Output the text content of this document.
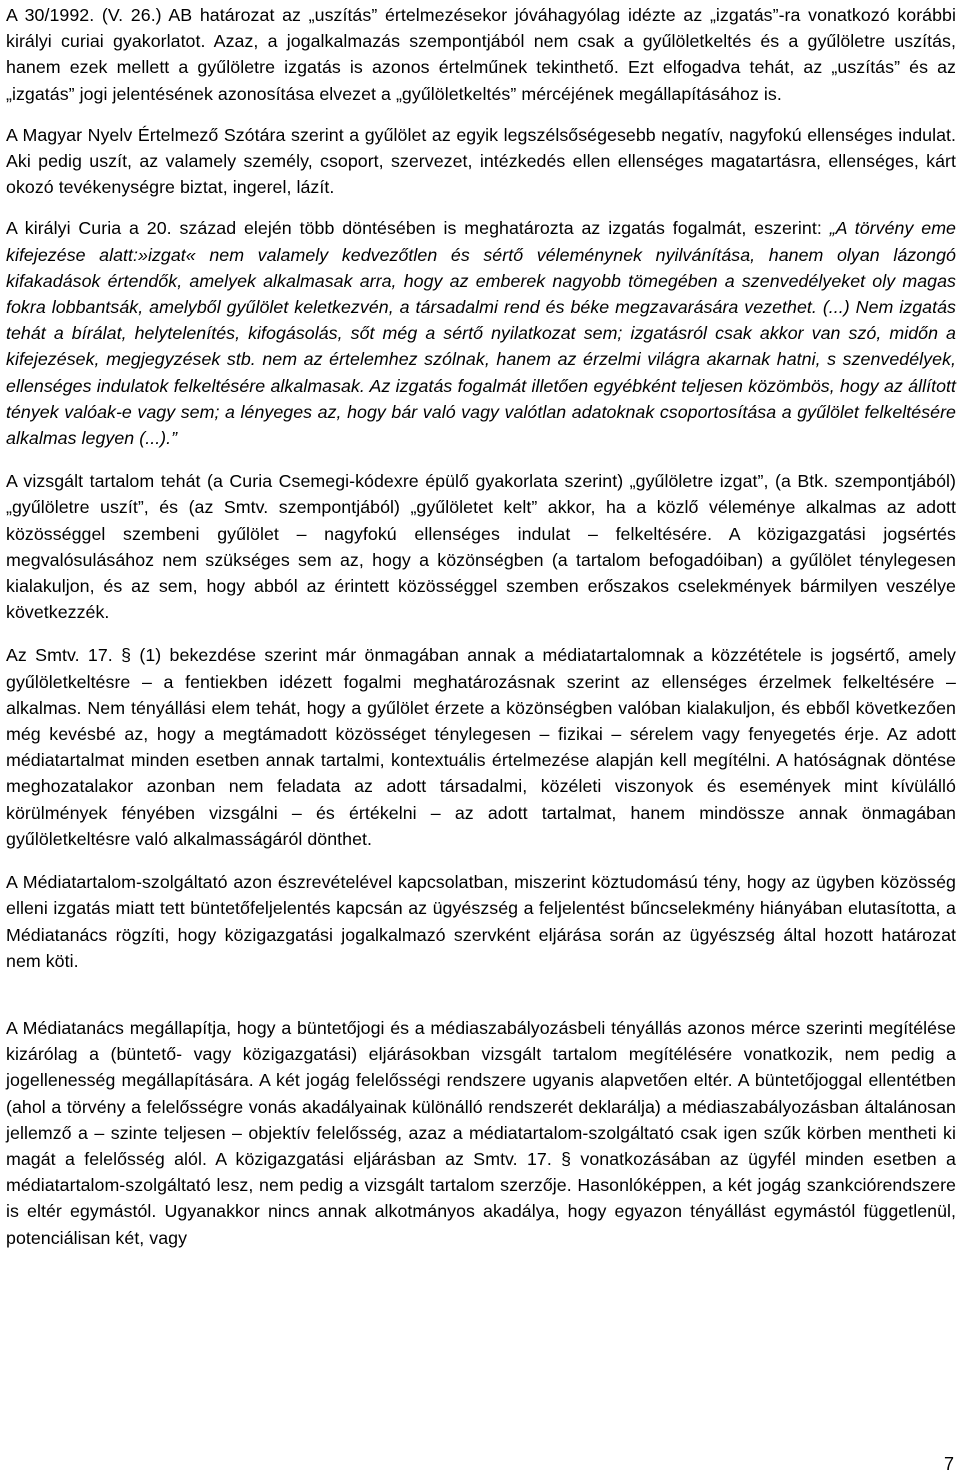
A 30/1992. (V. 26.) AB határozat az „uszítás” értelmezésekor jóváhagyólag idézte az „izgatás”-ra vonatkozó korábbi királyi curiai gyakorlatot. Azaz, a jogalkalmazás szempontjából nem csak a gyűlöletkeltés és a gyűlöletre uszítás, hanem ezek mellett a gyűlöletre izgatás is azonos értelműnek tekinthető. Ezt elfogadva tehát, az „uszítás” és az „izgatás” jogi jelentésének azonosítása elvezet a „gyűlöletkeltés” mércéjének megállapításához is.

A Magyar Nyelv Értelmező Szótára szerint a gyűlölet az egyik legszélsőségesebb negatív, nagyfokú ellenséges indulat. Aki pedig uszít, az valamely személy, csoport, szervezet, intézkedés ellen ellenséges magatartásra, ellenséges, kárt okozó tevékenységre biztat, ingerel, lázít.

A királyi Curia a 20. század elején több döntésében is meghatározta az izgatás fogalmát, eszerint: „A törvény eme kifejezése alatt:»izgat« nem valamely kedvezőtlen és sértő véleménynek nyilvánítása, hanem olyan lázongó kifakadások értendők, amelyek alkalmasak arra, hogy az emberek nagyobb tömegében a szenvedélyeket oly magas fokra lobbantsák, amelyből gyűlölet keletkezvén, a társadalmi rend és béke megzavarására vezethet. (...) Nem izgatás tehát a bírálat, helytelenítés, kifogásolás, sőt még a sértő nyilatkozat sem; izgatásról csak akkor van szó, midőn a kifejezések, megjegyzések stb. nem az értelemhez szólnak, hanem az érzelmi világra akarnak hatni, s szenvedélyek, ellenséges indulatok felkeltésére alkalmasak. Az izgatás fogalmát illetően egyébként teljesen közömbös, hogy az állított tények valóak-e vagy sem; a lényeges az, hogy bár való vagy valótlan adatoknak csoportosítása a gyűlölet felkeltésére alkalmas legyen (...).”

A vizsgált tartalom tehát (a Curia Csemegi-kódexre épülő gyakorlata szerint) „gyűlöletre izgat”, (a Btk. szempontjából) „gyűlöletre uszít”, és (az Smtv. szempontjából) „gyűlöletet kelt” akkor, ha a közlő véleménye alkalmas az adott közösséggel szembeni gyűlölet – nagyfokú ellenséges indulat – felkeltésére. A közigazgatási jogsértés megvalósulásához nem szükséges sem az, hogy a közönségben (a tartalom befogadóiban) a gyűlölet ténylegesen kialakuljon, és az sem, hogy abból az érintett közösséggel szemben erőszakos cselekmények bármilyen veszélye következzék.

Az Smtv. 17. § (1) bekezdése szerint már önmagában annak a médiatartalomnak a közzététele is jogsértő, amely gyűlöletkeltésre – a fentiekben idézett fogalmi meghatározásnak szerint az ellenséges érzelmek felkeltésére – alkalmas. Nem tényállási elem tehát, hogy a gyűlölet érzete a közönségben valóban kialakuljon, és ebből következően még kevésbé az, hogy a megtámadott közösséget ténylegesen – fizikai – sérelem vagy fenyegetés érje. Az adott médiatartalmat minden esetben annak tartalmi, kontextuális értelmezése alapján kell megítélni. A hatóságnak döntése meghozatalakor azonban nem feladata az adott társadalmi, közéleti viszonyok és események mint kívülálló körülmények fényében vizsgálni – és értékelni – az adott tartalmat, hanem mindössze annak önmagában gyűlöletkeltésre való alkalmasságáról dönthet.

A Médiatartalom-szolgáltató azon észrevételével kapcsolatban, miszerint köztudomású tény, hogy az ügyben közösség elleni izgatás miatt tett büntetőfeljelentés kapcsán az ügyészség a feljelentést bűncselekmény hiányában elutasította, a Médiatanács rögzíti, hogy közigazgatási jogalkalmazó szervként eljárása során az ügyészség által hozott határozat nem köti.

A Médiatanács megállapítja, hogy a büntetőjogi és a médiaszabályozásbeli tényállás azonos mérce szerinti megítélése kizárólag a (büntető- vagy közigazgatási) eljárásokban vizsgált tartalom megítélésére vonatkozik, nem pedig a jogellenesség megállapítására. A két jogág felelősségi rendszere ugyanis alapvetően eltér. A büntetőjoggal ellentétben (ahol a törvény a felelősségre vonás akadályainak különálló rendszerét deklarálja) a médiaszabályozásban általánosan jellemző a – szinte teljesen – objektív felelősség, azaz a médiatartalom-szolgáltató csak igen szűk körben mentheti ki magát a felelősség alól. A közigazgatási eljárásban az Smtv. 17. § vonatkozásában az ügyfél minden esetben a médiatartalom-szolgáltató lesz, nem pedig a vizsgált tartalom szerzője. Hasonlóképpen, a két jogág szankciórendszere is eltér egymástól. Ugyanakkor nincs annak alkotmányos akadálya, hogy egyazon tényállást egymástól függetlenül, potenciálisan két, vagy

7
